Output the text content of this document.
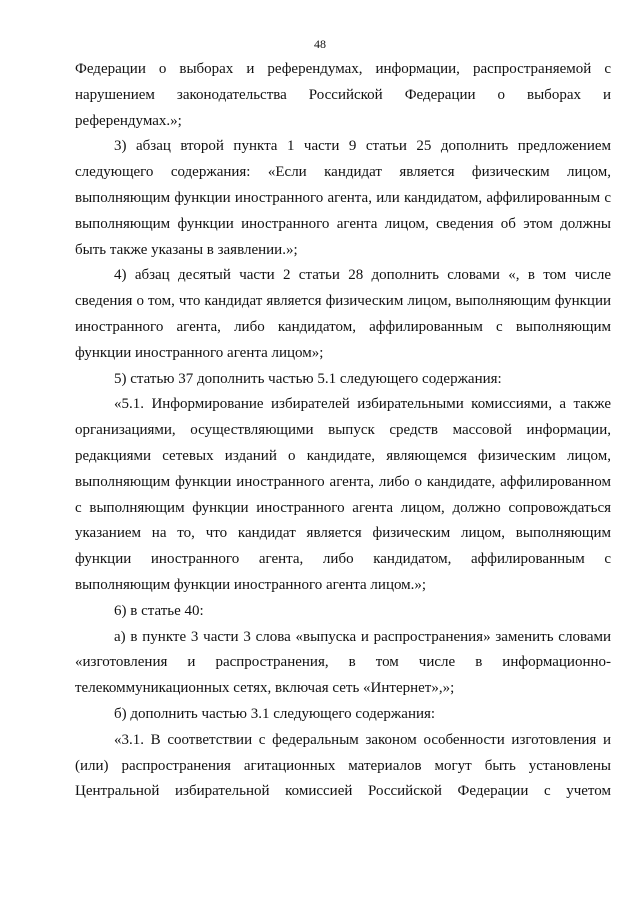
48

Федерации о выборах и референдумах, информации, распространяемой с нарушением законодательства Российской Федерации о выборах и референдумах.»;

3) абзац второй пункта 1 части 9 статьи 25 дополнить предложением следующего содержания: «Если кандидат является физическим лицом, выполняющим функции иностранного агента, или кандидатом, аффилированным с выполняющим функции иностранного агента лицом, сведения об этом должны быть также указаны в заявлении.»;

4) абзац десятый части 2 статьи 28 дополнить словами «, в том числе сведения о том, что кандидат является физическим лицом, выполняющим функции иностранного агента, либо кандидатом, аффилированным с выполняющим функции иностранного агента лицом»;

5) статью 37 дополнить частью 5.1 следующего содержания:

«5.1. Информирование избирателей избирательными комиссиями, а также организациями, осуществляющими выпуск средств массовой информации, редакциями сетевых изданий о кандидате, являющемся физическим лицом, выполняющим функции иностранного агента, либо о кандидате, аффилированном с выполняющим функции иностранного агента лицом, должно сопровождаться указанием на то, что кандидат является физическим лицом, выполняющим функции иностранного агента, либо кандидатом, аффилированным с выполняющим функции иностранного агента лицом.»;

6) в статье 40:

а) в пункте 3 части 3 слова «выпуска и распространения» заменить словами «изготовления и распространения, в том числе в информационно-телекоммуникационных сетях, включая сеть «Интернет»,»;

б) дополнить частью 3.1 следующего содержания:

«3.1. В соответствии с федеральным законом особенности изготовления и (или) распространения агитационных материалов могут быть установлены Центральной избирательной комиссией Российской Федерации с учетом
